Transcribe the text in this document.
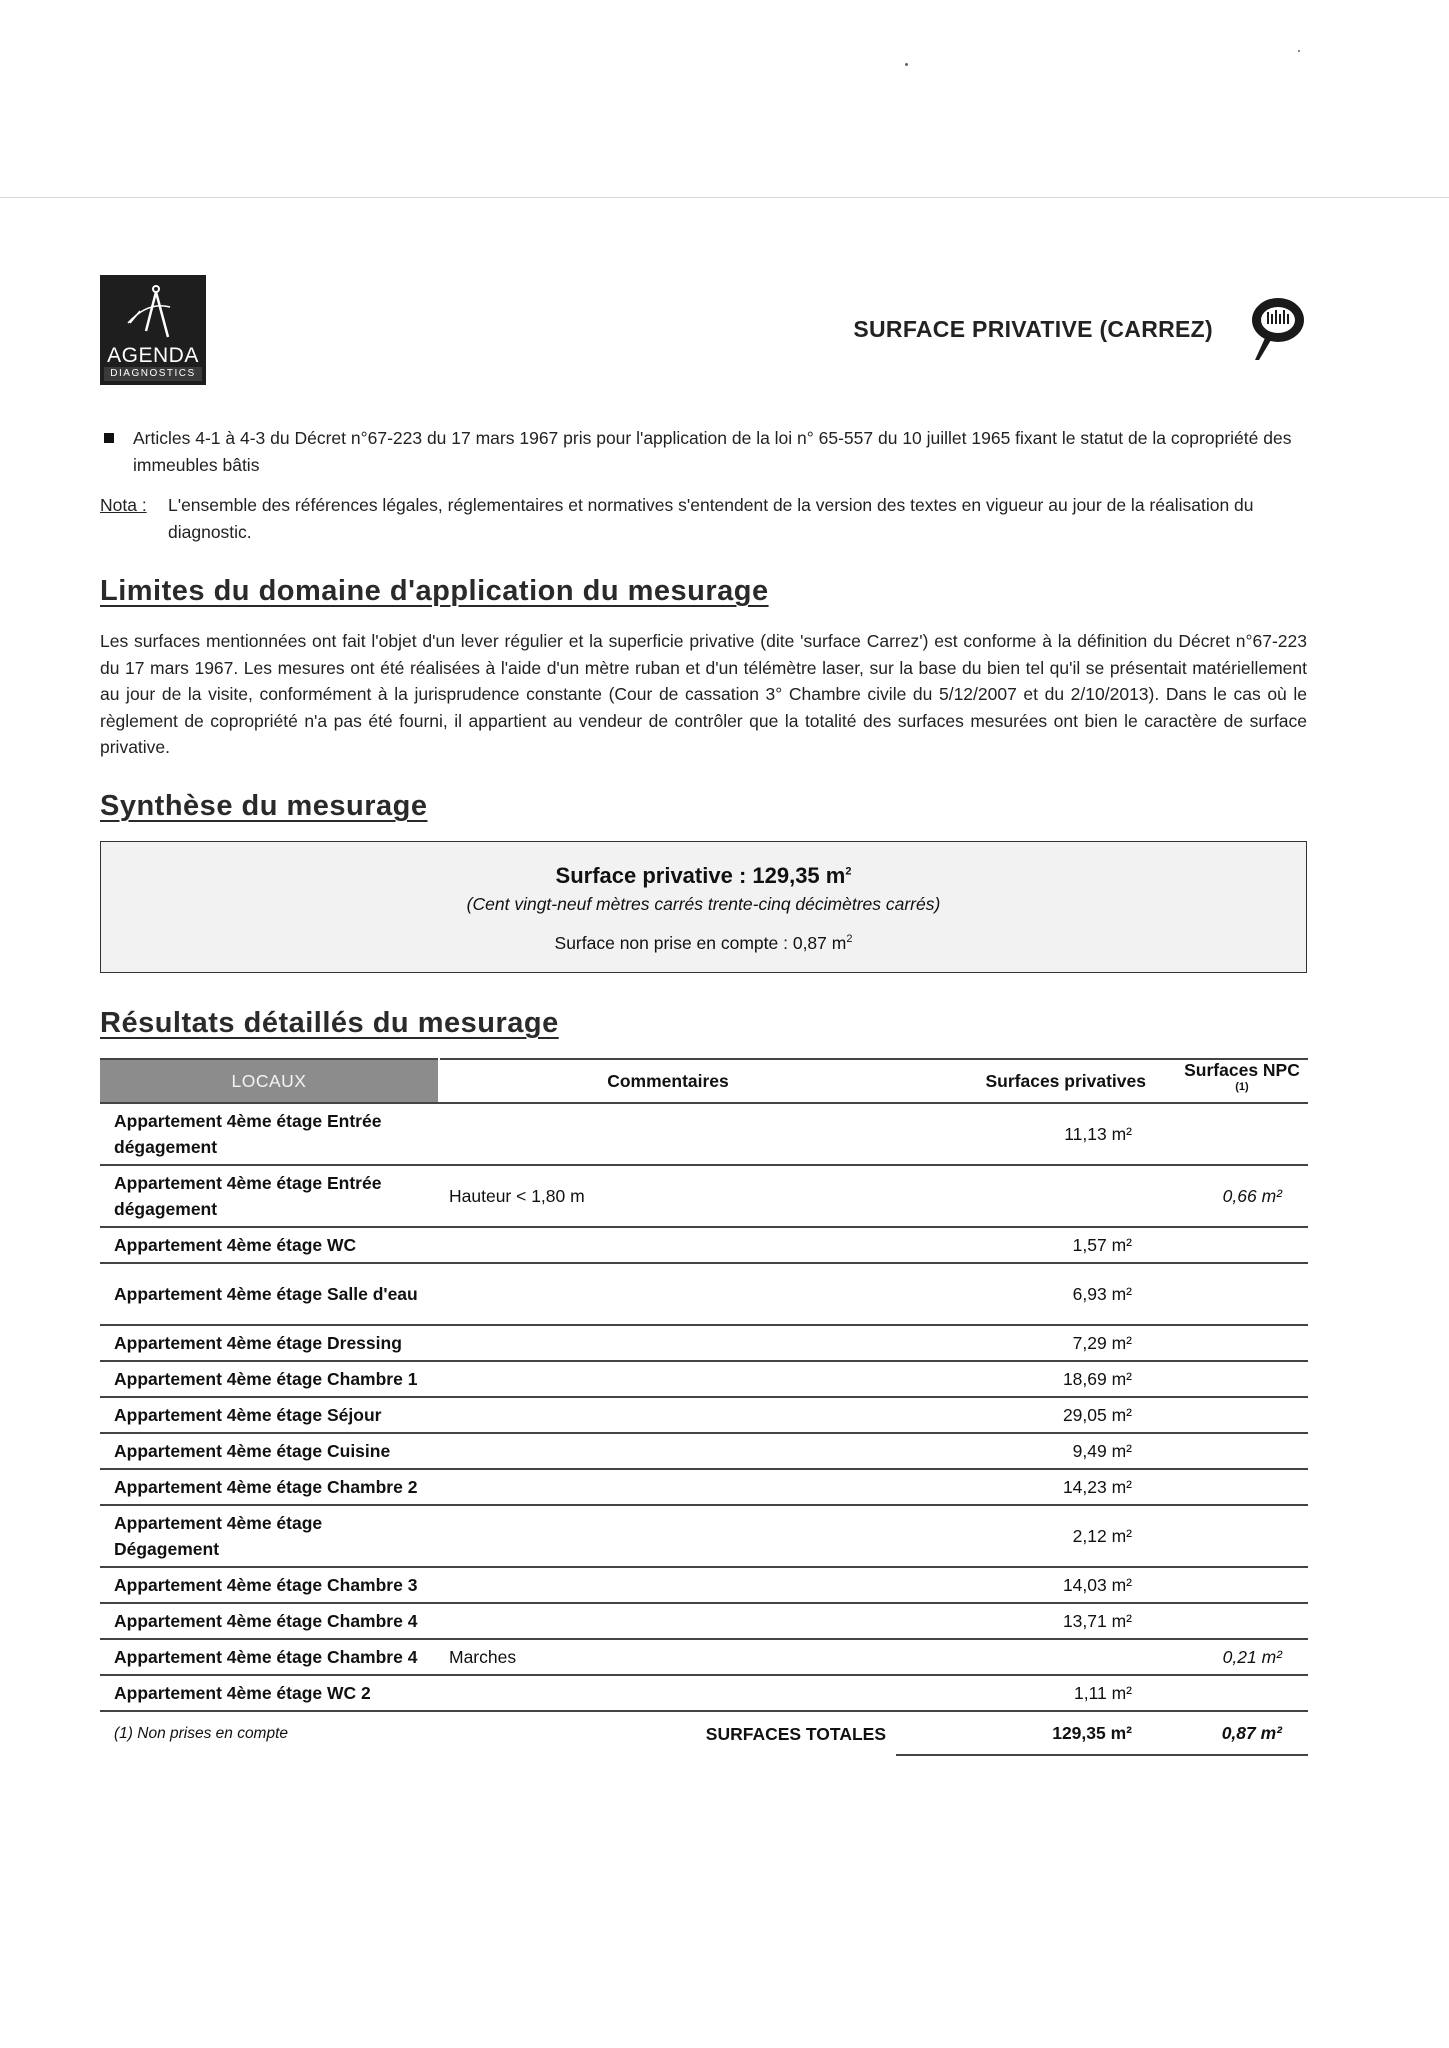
AGENDA
DIAGNOSTICS
SURFACE PRIVATIVE (CARREZ)
Articles 4-1 à 4-3 du Décret n°67-223 du 17 mars 1967 pris pour l'application de la loi n° 65-557 du 10 juillet 1965 fixant le statut de la copropriété des immeubles bâtis
Nota :	L'ensemble des références légales, réglementaires et normatives s'entendent de la version des textes en vigueur au jour de la réalisation du diagnostic.
Limites du domaine d'application du mesurage
Les surfaces mentionnées ont fait l'objet d'un lever régulier et la superficie privative (dite 'surface Carrez') est conforme à la définition du Décret n°67-223 du 17 mars 1967. Les mesures ont été réalisées à l'aide d'un mètre ruban et d'un télémètre laser, sur la base du bien tel qu'il se présentait matériellement au jour de la visite, conformément à la jurisprudence constante (Cour de cassation 3° Chambre civile du 5/12/2007 et du 2/10/2013). Dans le cas où le règlement de copropriété n'a pas été fourni, il appartient au vendeur de contrôler que la totalité des surfaces mesurées ont bien le caractère de surface privative.
Synthèse du mesurage
Surface privative : 129,35 $m^2$
(Cent vingt-neuf mètres carrés trente-cinq décimètres carrés)
Surface non prise en compte : 0,87 $m^2$
Résultats détaillés du mesurage
LOCAUX	Commentaires	Surfaces privatives	Surfaces NPC $^{(1)}$
Appartement 4ème étage Entrée dégagement		11,13 m²	
Appartement 4ème étage Entrée dégagement	Hauteur < 1,80 m		0,66 m²
Appartement 4ème étage WC		1,57 m²	
Appartement 4ème étage Salle d'eau		6,93 m²	
Appartement 4ème étage Dressing		7,29 m²	
Appartement 4ème étage Chambre 1		18,69 m²	
Appartement 4ème étage Séjour		29,05 m²	
Appartement 4ème étage Cuisine		9,49 m²	
Appartement 4ème étage Chambre 2		14,23 m²	
Appartement 4ème étage Dégagement		2,12 m²	
Appartement 4ème étage Chambre 3		14,03 m²	
Appartement 4ème étage Chambre 4		13,71 m²	
Appartement 4ème étage Chambre 4	Marches		0,21 m²
Appartement 4ème étage WC 2		1,11 m²	
(1) Non prises en compte	SURFACES TOTALES	129,35 m²	0,87 m²
